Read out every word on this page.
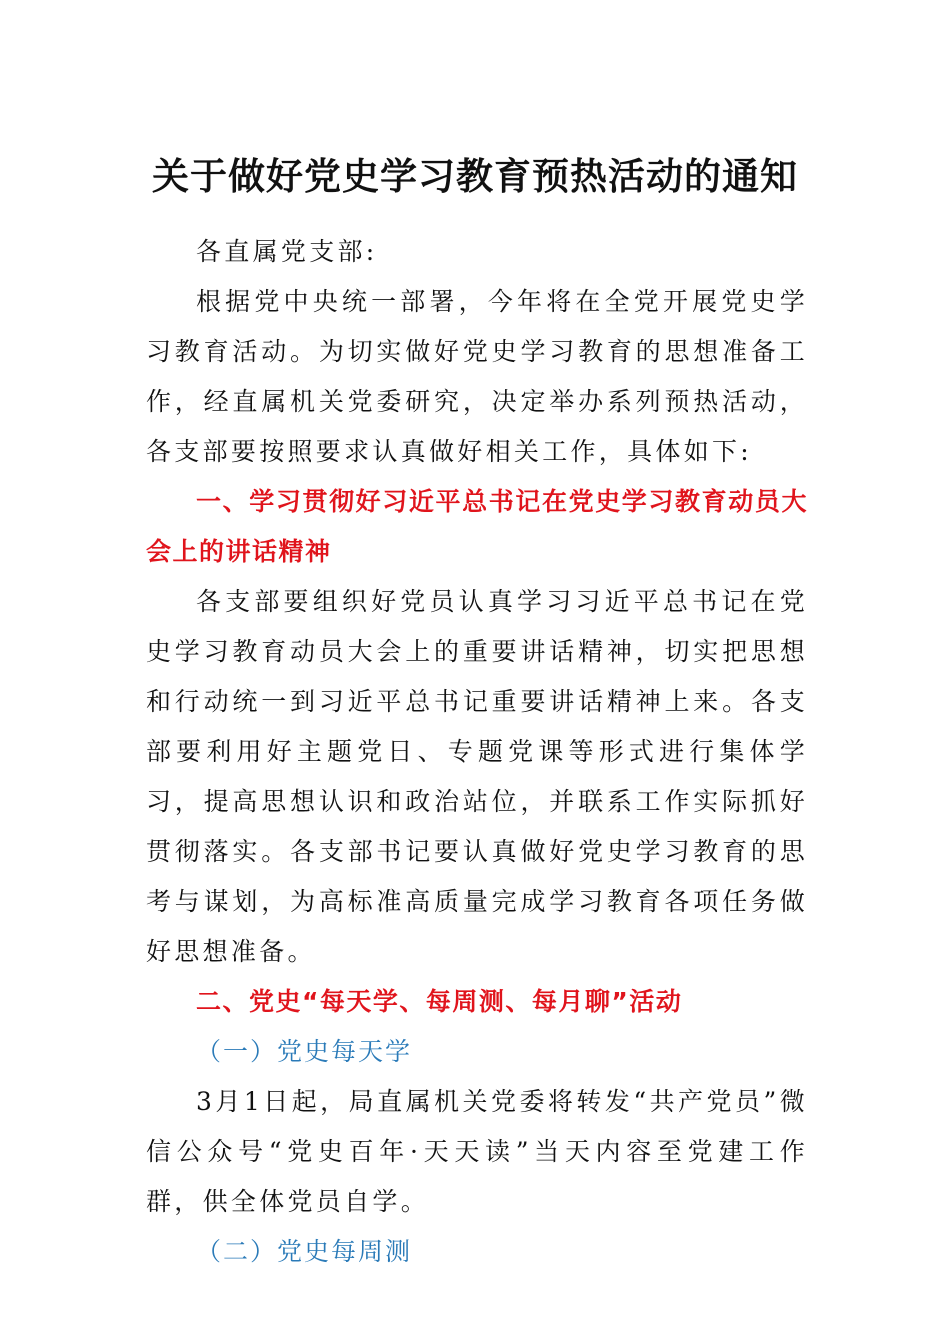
关于做好党史学习教育预热活动的通知

各直属党支部:

根据党中央统一部署，今年将在全党开展党史学习教育活动。为切实做好党史学习教育的思想准备工作，经直属机关党委研究，决定举办系列预热活动，各支部要按照要求认真做好相关工作，具体如下:

一、学习贯彻好习近平总书记在党史学习教育动员大会上的讲话精神

各支部要组织好党员认真学习习近平总书记在党史学习教育动员大会上的重要讲话精神，切实把思想和行动统一到习近平总书记重要讲话精神上来。各支部要利用好主题党日、专题党课等形式进行集体学习，提高思想认识和政治站位，并联系工作实际抓好贯彻落实。各支部书记要认真做好党史学习教育的思考与谋划，为高标准高质量完成学习教育各项任务做好思想准备。

二、党史“每天学、每周测、每月聊”活动

（一）党史每天学

3月1日起，局直属机关党委将转发“共产党员”微信公众号“党史百年·天天读”当天内容至党建工作群，供全体党员自学。

（二）党史每周测
